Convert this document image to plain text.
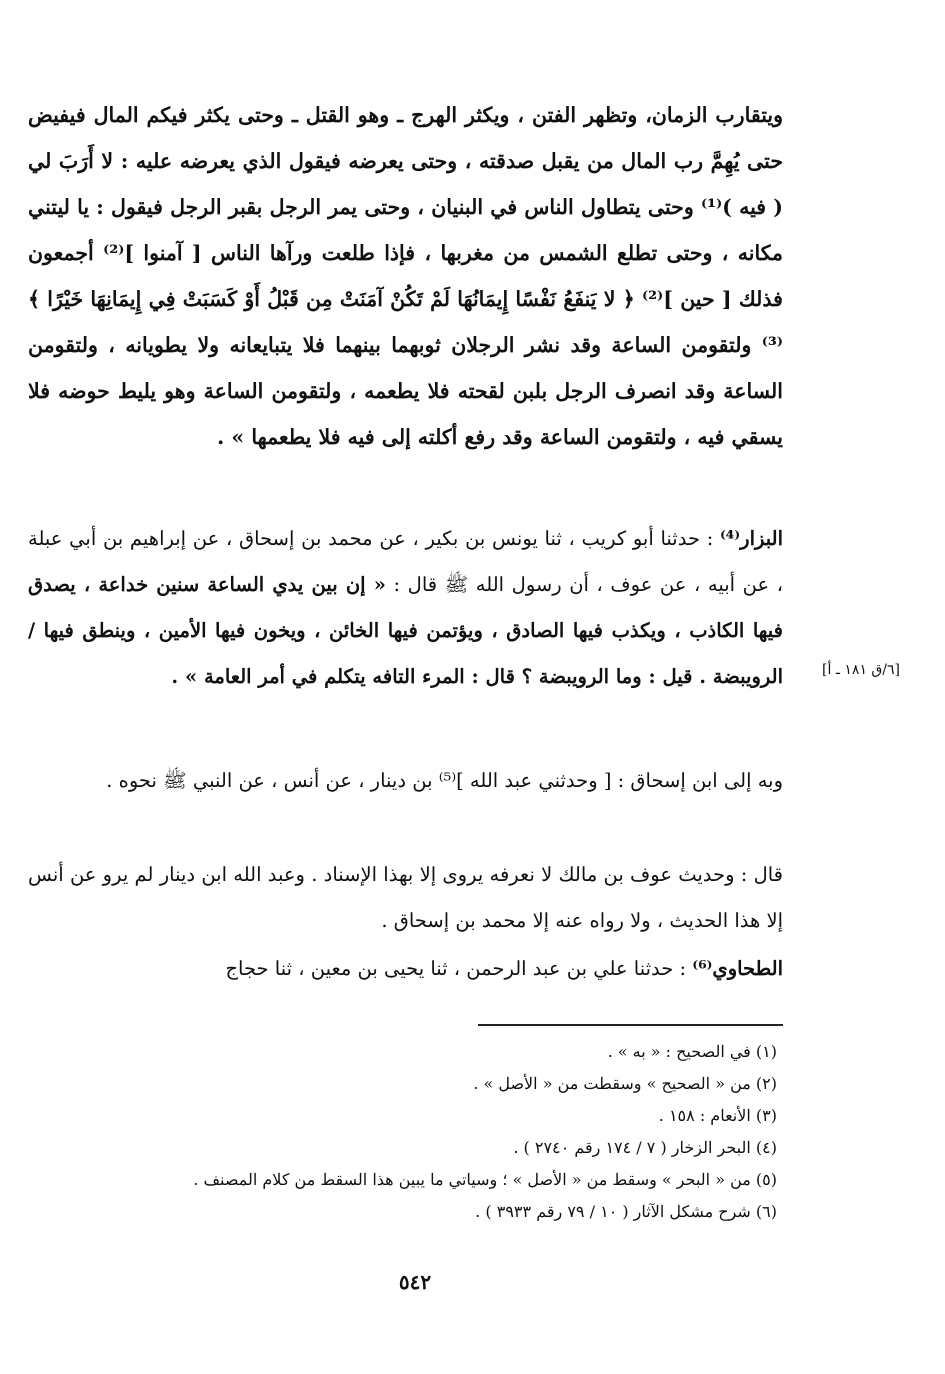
ويتقارب الزمان، وتظهر الفتن ، ويكثر الهرج ـ وهو القتل ـ وحتى يكثر فيكم المال فيفيض حتى يُهِمَّ رب المال من يقبل صدقته ، وحتى يعرضه فيقول الذي يعرضه عليه : لا أَرَبَ لي ( فيه )⁽¹⁾ وحتى يتطاول الناس في البنيان ، وحتى يمر الرجل بقبر الرجل فيقول : يا ليتني مكانه ، وحتى تطلع الشمس من مغربها ، فإذا طلعت ورآها الناس [ آمنوا ]⁽²⁾ أجمعون فذلك [ حين ]⁽²⁾ ﴿ لا يَنفَعُ نَفْسًا إِيمَانُهَا لَمْ تَكُنْ آمَنَتْ مِن قَبْلُ أَوْ كَسَبَتْ فِي إِيمَانِهَا خَيْرًا ﴾⁽³⁾ ولتقومن الساعة وقد نشر الرجلان ثوبهما بينهما فلا يتبايعانه ولا يطويانه ، ولتقومن الساعة وقد انصرف الرجل بلبن لقحته فلا يطعمه ، ولتقومن الساعة وهو يليط حوضه فلا يسقي فيه ، ولتقومن الساعة وقد رفع أكلته إلى فيه فلا يطعمها » .
البزار⁽⁴⁾ : حدثنا أبو كريب ، ثنا يونس بن بكير ، عن محمد بن إسحاق ، عن إبراهيم بن أبي عبلة ، عن أبيه ، عن عوف ، أن رسول الله ﷺ قال : « إن بين يدي الساعة سنين خداعة ، يصدق فيها الكاذب ، ويكذب فيها الصادق ، ويؤتمن فيها الخائن ، ويخون فيها الأمين ، وينطق فيها / الرويبضة . قيل : وما الرويبضة ؟ قال : المرء التافه يتكلم في أمر العامة » .	[٦/ق ١٨١ ـ أ]
وبه إلى ابن إسحاق : [ وحدثني عبد الله ]⁽⁵⁾ بن دينار ، عن أنس ، عن النبي ﷺ نحوه .
قال : وحديث عوف بن مالك لا نعرفه يروى إلا بهذا الإسناد . وعبد الله ابن دينار لم يرو عن أنس إلا هذا الحديث ، ولا رواه عنه إلا محمد بن إسحاق .
الطحاوي⁽⁶⁾ : حدثنا علي بن عبد الرحمن ، ثنا يحيى بن معين ، ثنا حجاج
(١) في الصحيح : « به » .
(٢) من « الصحيح » وسقطت من « الأصل » .
(٣) الأنعام : ١٥٨ .
(٤) البحر الزخار ( ٧ / ١٧٤ رقم ٢٧٤٠ ) .
(٥) من « البحر » وسقط من « الأصل » ؛ وسياتي ما يبين هذا السقط من كلام المصنف .
(٦) شرح مشكل الآثار ( ١٠ / ٧٩ رقم ٣٩٣٣ ) .
٥٤٢
